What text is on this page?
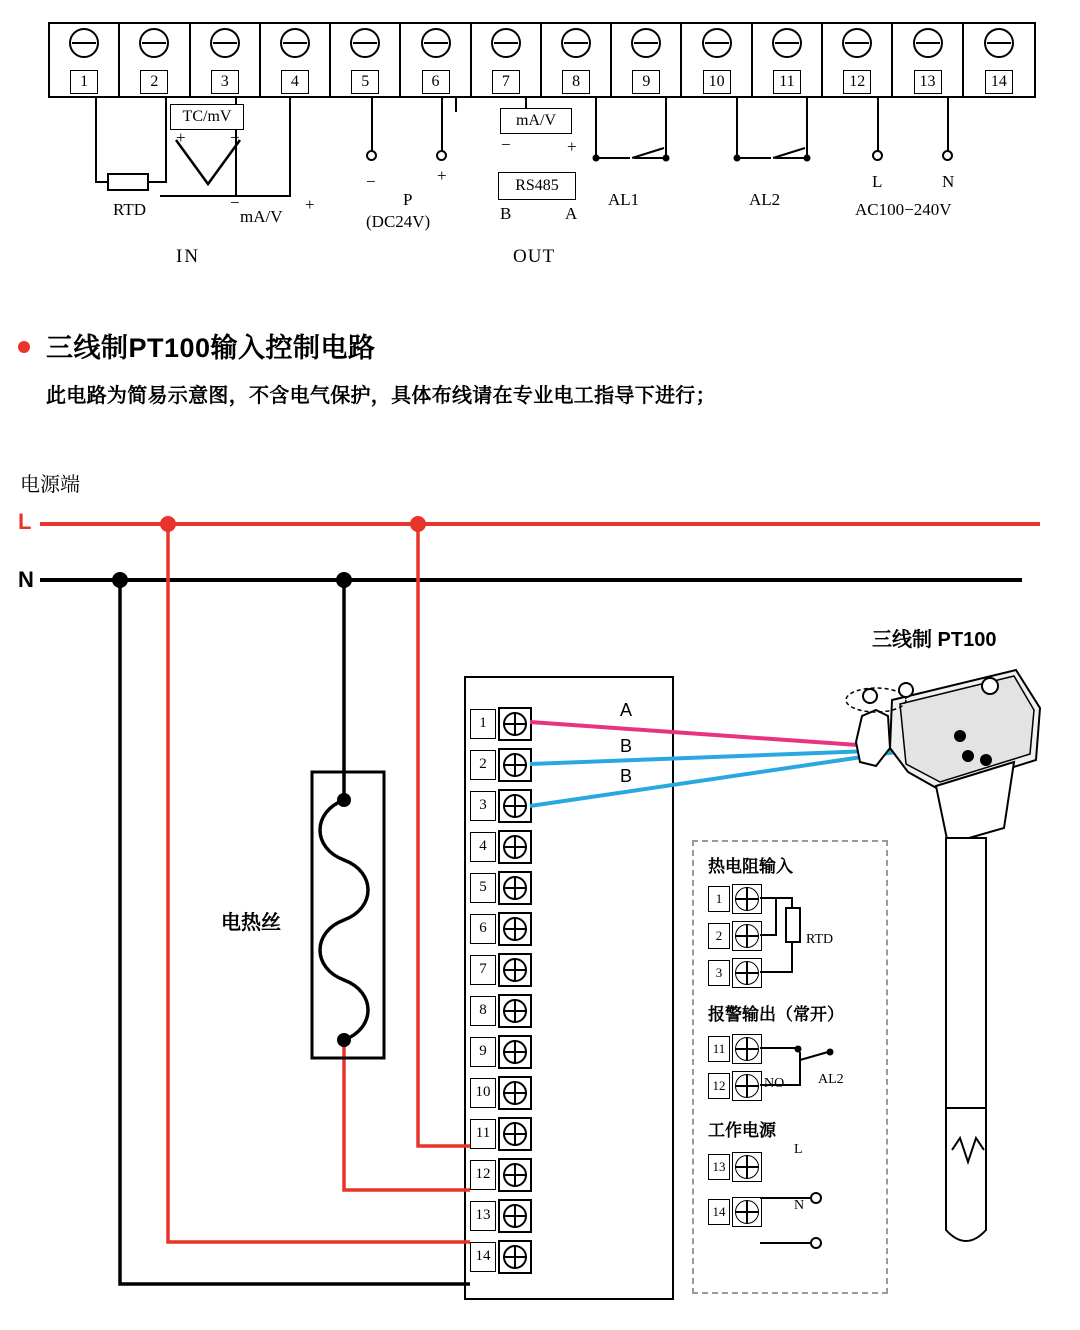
1	2	3	4	5	6	7	8	9	10	11	12	13	14
TC/mV
+	−
RTD	−
mA/V
+
−	+
P
(DC24V)
mA/V
−	+
RS485
B	A
AL1	AL2
L	N
AC100−240V
IN	OUT
三线制PT100输入控制电路
此电路为简易示意图，不含电气保护，具体布线请在专业电工指导下进行；
电源端
L
N
三线制 PT100
电热丝
1
2
3
4
5
6
7
8
9
10
11
12
13
14
A
B
B
热电阻输入
1
2
3
RTD
报警输出（常开）
11
12	NO AL2
工作电源
13
14
L
N
